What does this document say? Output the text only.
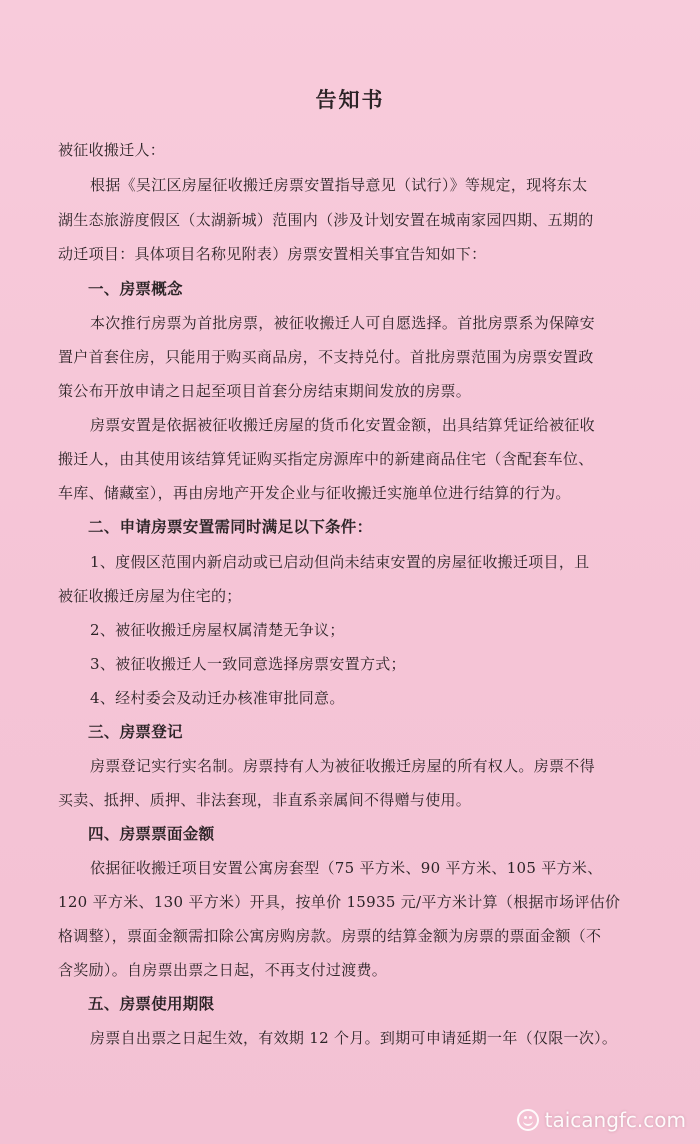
告知书
被征收搬迁人：
根据《吴江区房屋征收搬迁房票安置指导意见（试行）》等规定，现将东太
湖生态旅游度假区（太湖新城）范围内（涉及计划安置在城南家园四期、五期的
动迁项目：具体项目名称见附表）房票安置相关事宜告知如下：
一、房票概念
本次推行房票为首批房票，被征收搬迁人可自愿选择。首批房票系为保障安
置户首套住房，只能用于购买商品房，不支持兑付。首批房票范围为房票安置政
策公布开放申请之日起至项目首套分房结束期间发放的房票。
房票安置是依据被征收搬迁房屋的货币化安置金额，出具结算凭证给被征收
搬迁人，由其使用该结算凭证购买指定房源库中的新建商品住宅（含配套车位、
车库、储藏室），再由房地产开发企业与征收搬迁实施单位进行结算的行为。
二、申请房票安置需同时满足以下条件：
1、度假区范围内新启动或已启动但尚未结束安置的房屋征收搬迁项目，且
被征收搬迁房屋为住宅的；
2、被征收搬迁房屋权属清楚无争议；
3、被征收搬迁人一致同意选择房票安置方式；
4、经村委会及动迁办核准审批同意。
三、房票登记
房票登记实行实名制。房票持有人为被征收搬迁房屋的所有权人。房票不得
买卖、抵押、质押、非法套现，非直系亲属间不得赠与使用。
四、房票票面金额
依据征收搬迁项目安置公寓房套型（75 平方米、90 平方米、105 平方米、
120 平方米、130 平方米）开具，按单价 15935 元/平方米计算（根据市场评估价
格调整），票面金额需扣除公寓房购房款。房票的结算金额为房票的票面金额（不
含奖励）。自房票出票之日起，不再支付过渡费。
五、房票使用期限
房票自出票之日起生效，有效期 12 个月。到期可申请延期一年（仅限一次）。
taicangfc.com
